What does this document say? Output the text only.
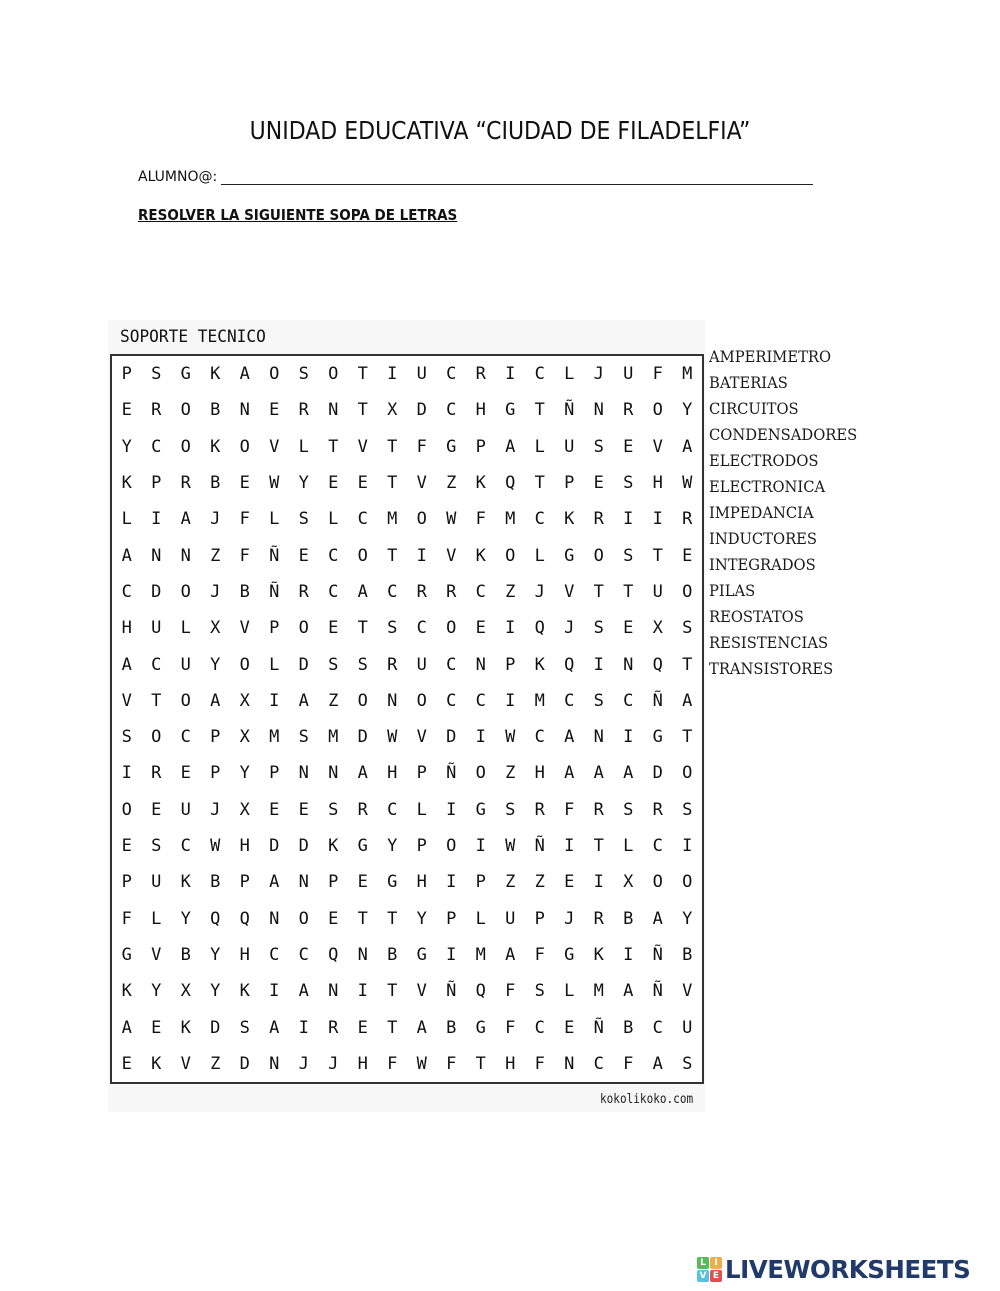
UNIDAD EDUCATIVA “CIUDAD DE FILADELFIA”
ALUMNO@:
RESOLVER LA SIGUIENTE SOPA DE LETRAS
SOPORTE TECNICO
P	S	G	K	A	O	S	O	T	I	U	C	R	I	C	L	J	U	F	M
E	R	O	B	N	E	R	N	T	X	D	C	H	G	T	Ñ	N	R	O	Y
Y	C	O	K	O	V	L	T	V	T	F	G	P	A	L	U	S	E	V	A
K	P	R	B	E	W	Y	E	E	T	V	Z	K	Q	T	P	E	S	H	W
L	I	A	J	F	L	S	L	C	M	O	W	F	M	C	K	R	I	I	R
A	N	N	Z	F	Ñ	E	C	O	T	I	V	K	O	L	G	O	S	T	E
C	D	O	J	B	Ñ	R	C	A	C	R	R	C	Z	J	V	T	T	U	O
H	U	L	X	V	P	O	E	T	S	C	O	E	I	Q	J	S	E	X	S
A	C	U	Y	O	L	D	S	S	R	U	C	N	P	K	Q	I	N	Q	T
V	T	O	A	X	I	A	Z	O	N	O	C	C	I	M	C	S	C	Ñ	A
S	O	C	P	X	M	S	M	D	W	V	D	I	W	C	A	N	I	G	T
I	R	E	P	Y	P	N	N	A	H	P	Ñ	O	Z	H	A	A	A	D	O
O	E	U	J	X	E	E	S	R	C	L	I	G	S	R	F	R	S	R	S
E	S	C	W	H	D	D	K	G	Y	P	O	I	W	Ñ	I	T	L	C	I
P	U	K	B	P	A	N	P	E	G	H	I	P	Z	Z	E	I	X	O	O
F	L	Y	Q	Q	N	O	E	T	T	Y	P	L	U	P	J	R	B	A	Y
G	V	B	Y	H	C	C	Q	N	B	G	I	M	A	F	G	K	I	Ñ	B
K	Y	X	Y	K	I	A	N	I	T	V	Ñ	Q	F	S	L	M	A	Ñ	V
A	E	K	D	S	A	I	R	E	T	A	B	G	F	C	E	Ñ	B	C	U
E	K	V	Z	D	N	J	J	H	F	W	F	T	H	F	N	C	F	A	S
kokolikoko.com
AMPERIMETRO
BATERIAS
CIRCUITOS
CONDENSADORES
ELECTRODOS
ELECTRONICA
IMPEDANCIA
INDUCTORES
INTEGRADOS
PILAS
REOSTATOS
RESISTENCIAS
TRANSISTORES
L I
V E LIVEWORKSHEETS
